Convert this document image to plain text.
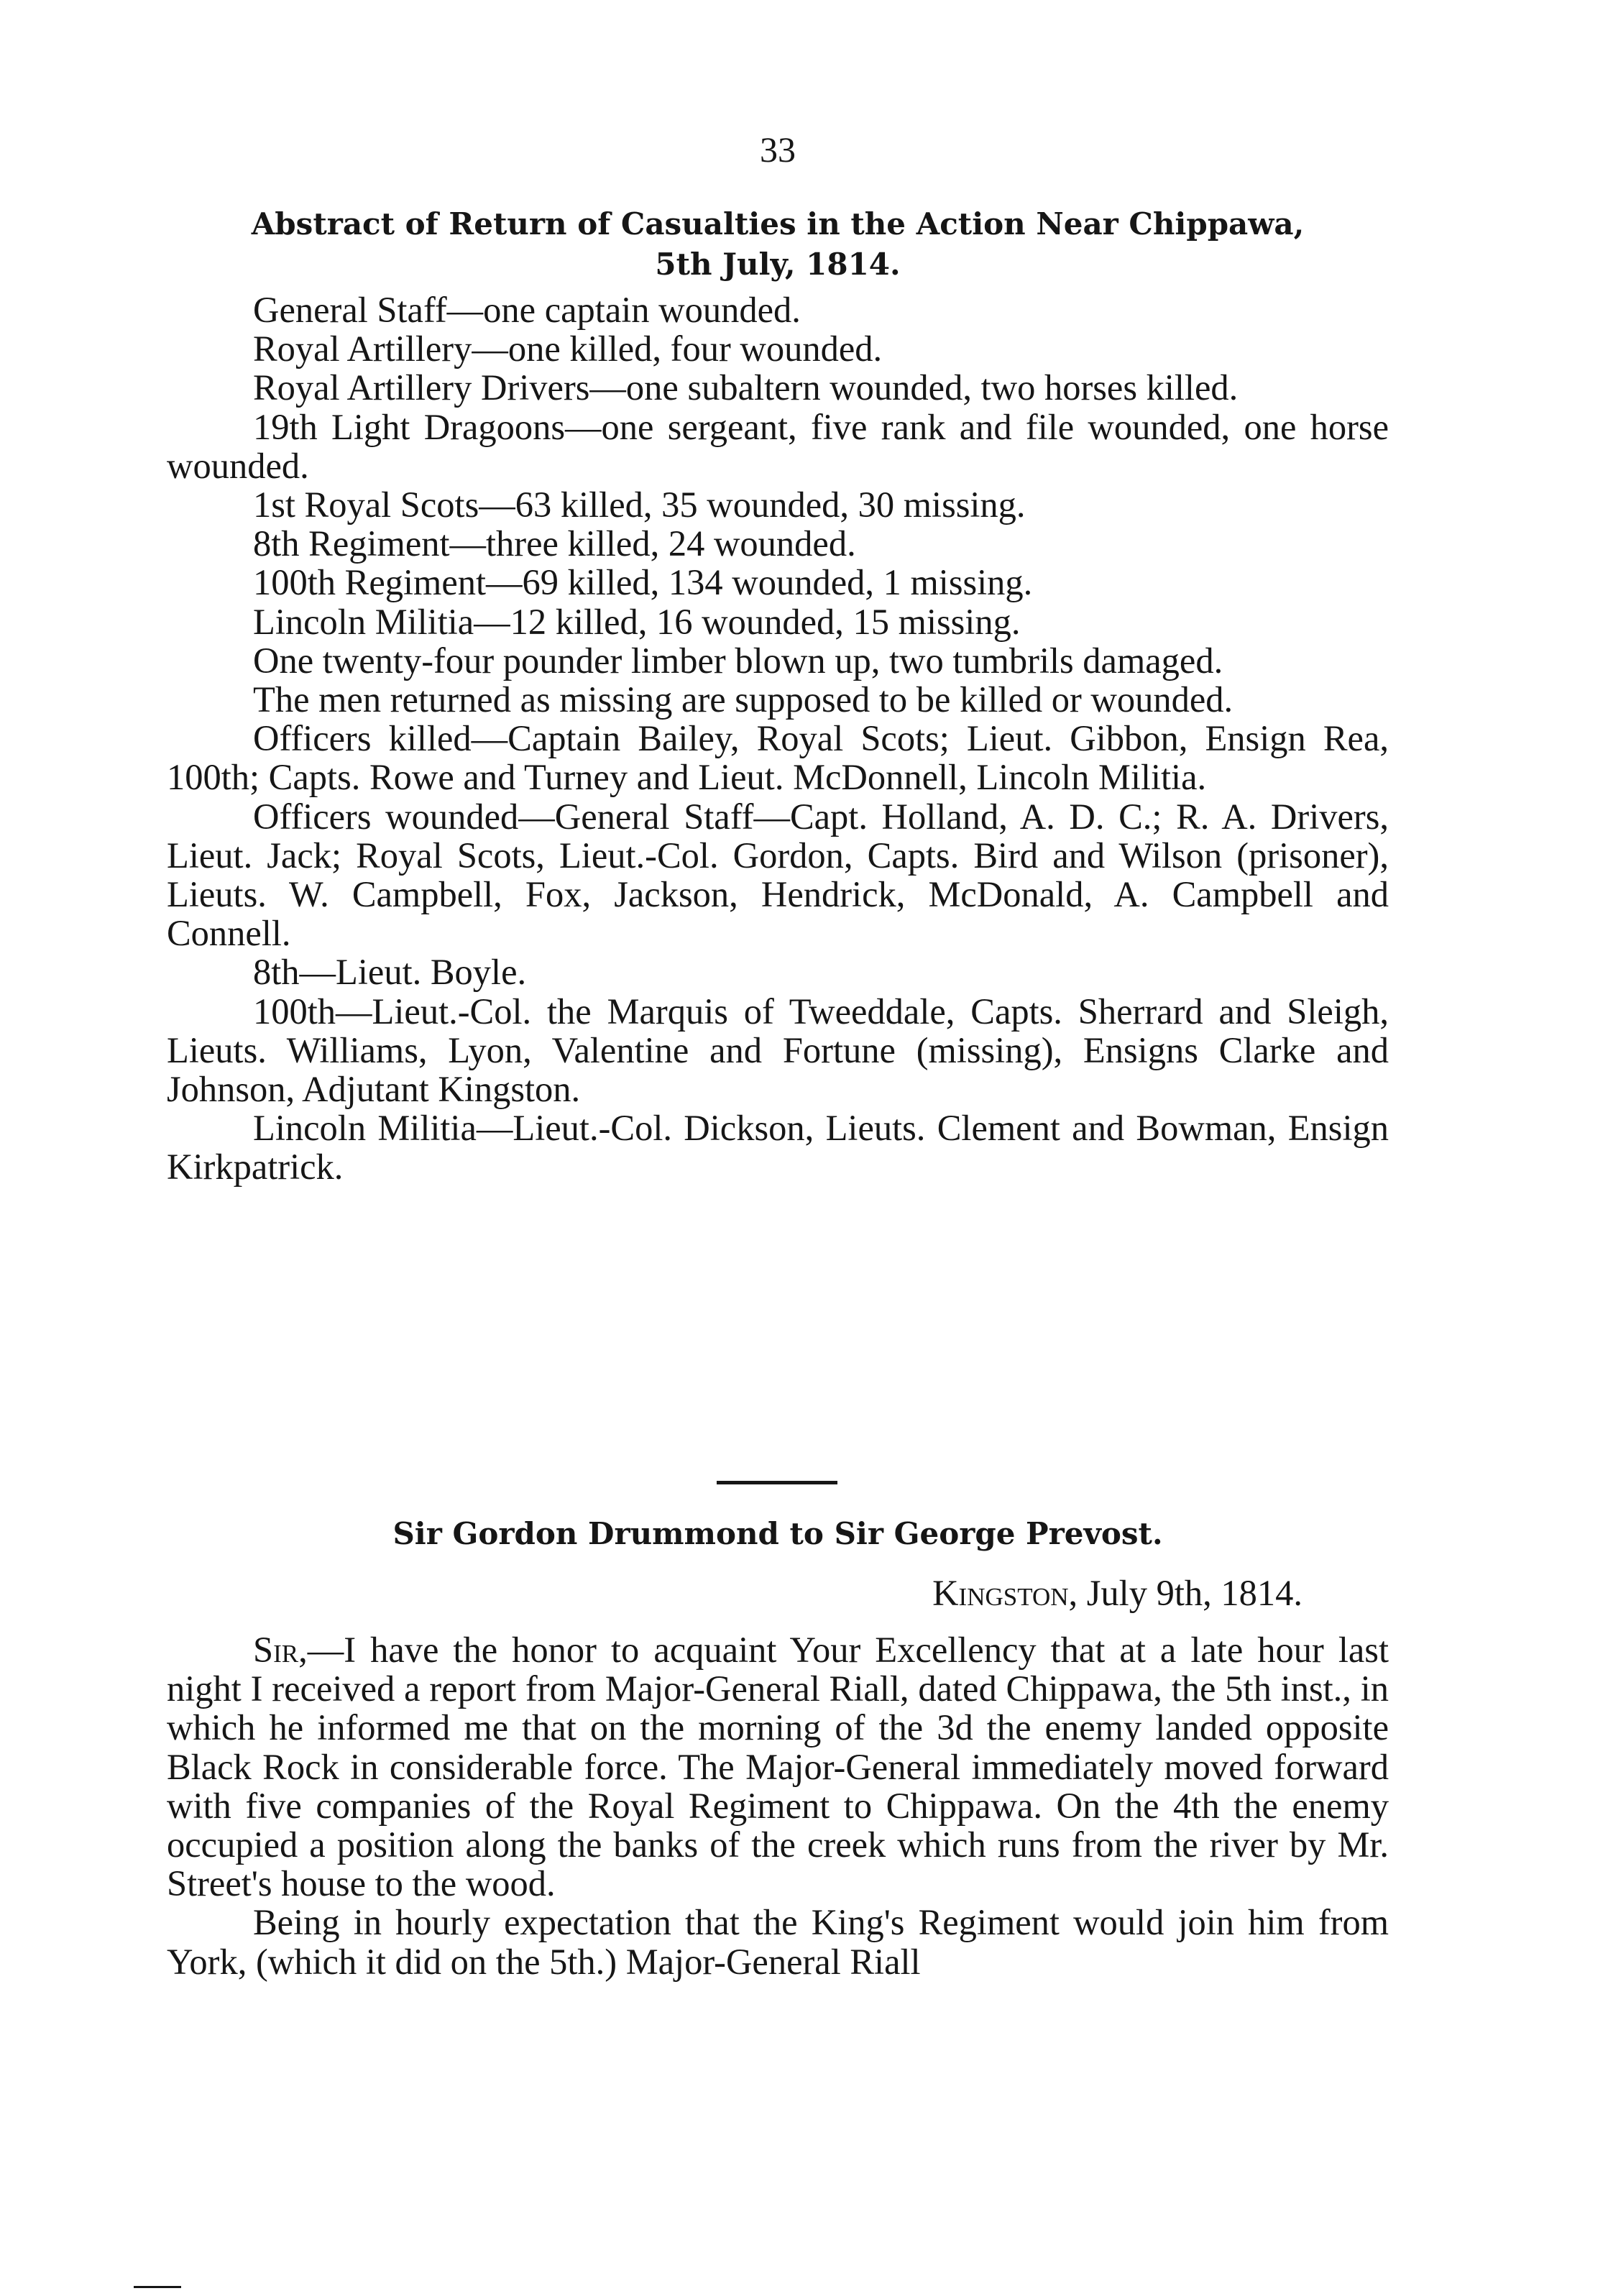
33
Abstract of Return of Casualties in the Action Near Chippawa,
5th July, 1814.

General Staff—one captain wounded.

Royal Artillery—one killed, four wounded.

Royal Artillery Drivers—one subaltern wounded, two horses killed.

19th Light Dragoons—one sergeant, five rank and file wounded, one horse wounded.

1st Royal Scots—63 killed, 35 wounded, 30 missing.

8th Regiment—three killed, 24 wounded.

100th Regiment—69 killed, 134 wounded, 1 missing.

Lincoln Militia—12 killed, 16 wounded, 15 missing.

One twenty-four pounder limber blown up, two tumbrils damaged.

The men returned as missing are supposed to be killed or wounded.

Officers killed—Captain Bailey, Royal Scots; Lieut. Gibbon, Ensign Rea, 100th; Capts. Rowe and Turney and Lieut. McDonnell, Lincoln Militia.

Officers wounded—General Staff—Capt. Holland, A. D. C.; R. A. Drivers, Lieut. Jack; Royal Scots, Lieut.-Col. Gordon, Capts. Bird and Wilson (prisoner), Lieuts. W. Campbell, Fox, Jackson, Hendrick, McDonald, A. Campbell and Connell.

8th—Lieut. Boyle.

100th—Lieut.-Col. the Marquis of Tweeddale, Capts. Sherrard and Sleigh, Lieuts. Williams, Lyon, Valentine and Fortune (missing), Ensigns Clarke and Johnson, Adjutant Kingston.

Lincoln Militia—Lieut.-Col. Dickson, Lieuts. Clement and Bowman, Ensign Kirkpatrick.

Sir Gordon Drummond to Sir George Prevost.
Kingston, July 9th, 1814.

Sir,—I have the honor to acquaint Your Excellency that at a late hour last night I received a report from Major-General Riall, dated Chippawa, the 5th inst., in which he informed me that on the morning of the 3d the enemy landed opposite Black Rock in considerable force. The Major-General immediately moved forward with five companies of the Royal Regiment to Chippawa. On the 4th the enemy occupied a position along the banks of the creek which runs from the river by Mr. Street's house to the wood.

Being in hourly expectation that the King's Regiment would join him from York, (which it did on the 5th.) Major-General Riall
